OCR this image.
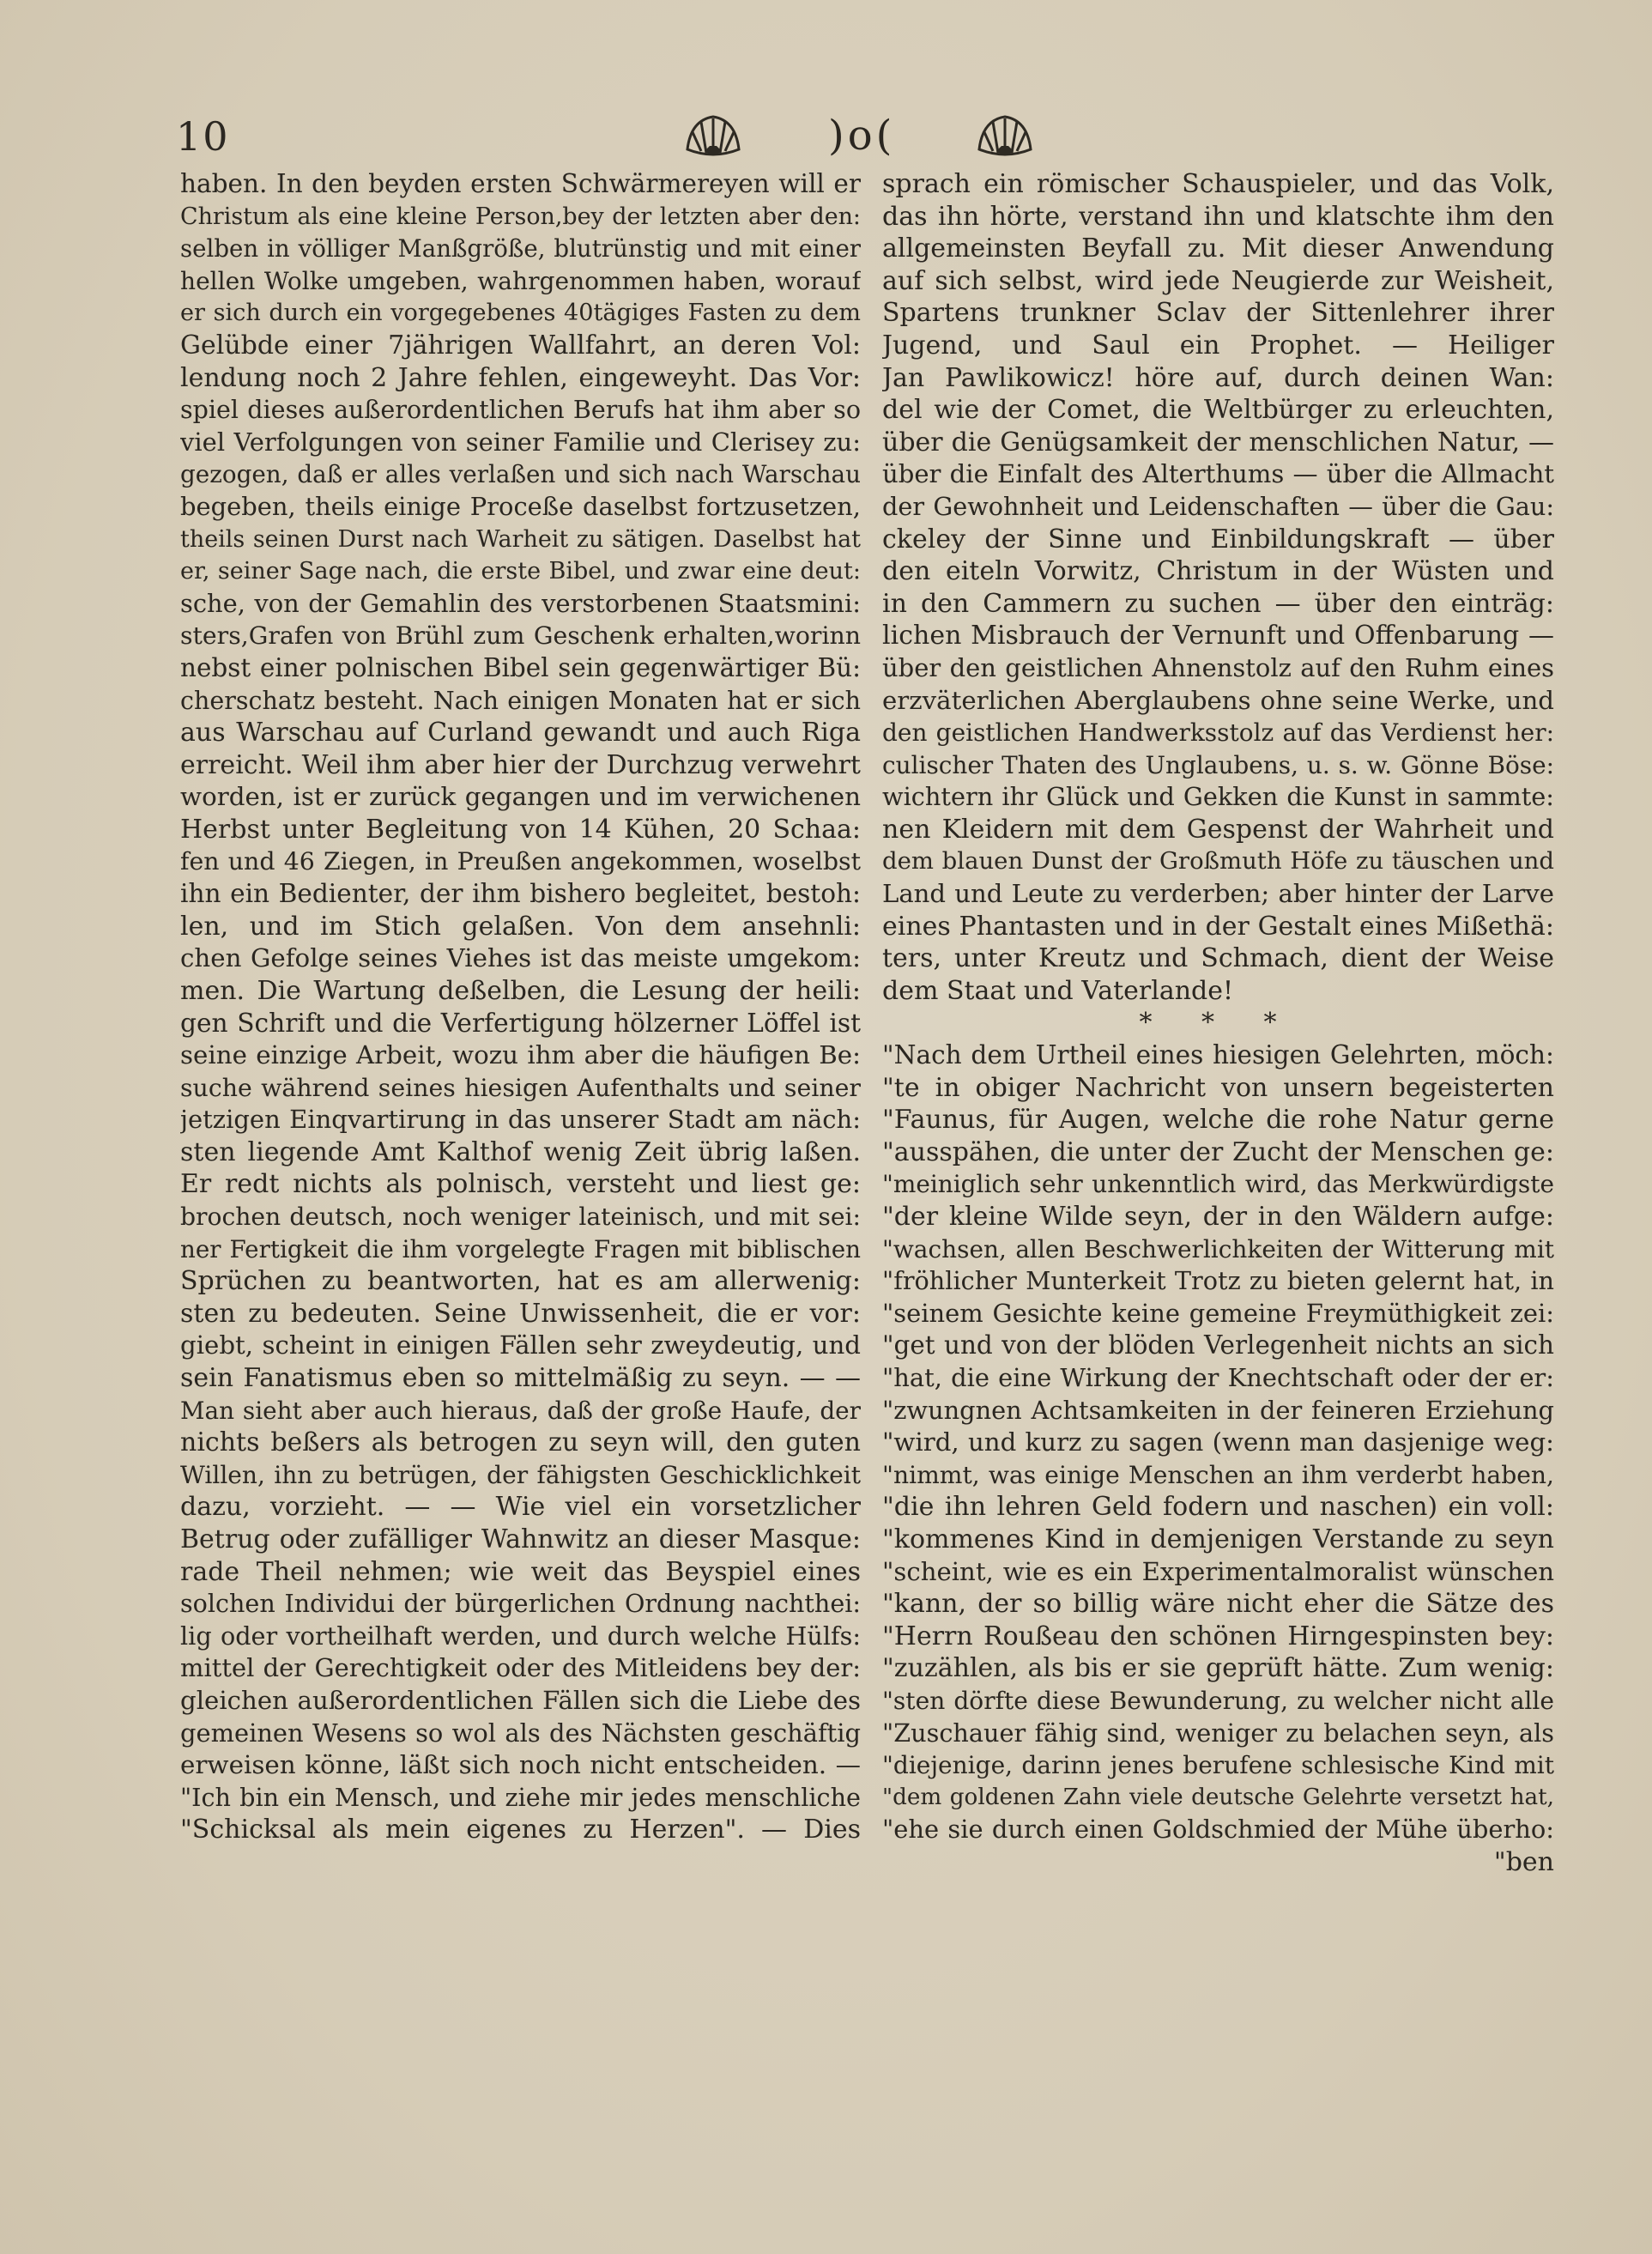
10	)o(
haben. In den beyden ersten Schwärmereyen will er
Christum als eine kleine Person,bey der letzten aber den:
selben in völliger Manßgröße, blutrünstig und mit einer
hellen Wolke umgeben, wahrgenommen haben, worauf
er sich durch ein vorgegebenes 40tägiges Fasten zu dem
Gelübde einer 7jährigen Wallfahrt, an deren Vol:
lendung noch 2 Jahre fehlen, eingeweyht. Das Vor:
spiel dieses außerordentlichen Berufs hat ihm aber so
viel Verfolgungen von seiner Familie und Clerisey zu:
gezogen, daß er alles verlaßen und sich nach Warschau
begeben, theils einige Proceße daselbst fortzusetzen,
theils seinen Durst nach Warheit zu sätigen. Daselbst hat
er, seiner Sage nach, die erste Bibel, und zwar eine deut:
sche, von der Gemahlin des verstorbenen Staatsmini:
sters,Grafen von Brühl zum Geschenk erhalten,worinn
nebst einer polnischen Bibel sein gegenwärtiger Bü:
cherschatz besteht. Nach einigen Monaten hat er sich
aus Warschau auf Curland gewandt und auch Riga
erreicht. Weil ihm aber hier der Durchzug verwehrt
worden, ist er zurück gegangen und im verwichenen
Herbst unter Begleitung von 14 Kühen, 20 Schaa:
fen und 46 Ziegen, in Preußen angekommen, woselbst
ihn ein Bedienter, der ihm bishero begleitet, bestoh:
len, und im Stich gelaßen. Von dem ansehnli:
chen Gefolge seines Viehes ist das meiste umgekom:
men. Die Wartung deßelben, die Lesung der heili:
gen Schrift und die Verfertigung hölzerner Löffel ist
seine einzige Arbeit, wozu ihm aber die häufigen Be:
suche während seines hiesigen Aufenthalts und seiner
jetzigen Einqvartirung in das unserer Stadt am näch:
sten liegende Amt Kalthof wenig Zeit übrig laßen.
Er redt nichts als polnisch, versteht und liest ge:
brochen deutsch, noch weniger lateinisch, und mit sei:
ner Fertigkeit die ihm vorgelegte Fragen mit biblischen
Sprüchen zu beantworten, hat es am allerwenig:
sten zu bedeuten. Seine Unwissenheit, die er vor:
giebt, scheint in einigen Fällen sehr zweydeutig, und
sein Fanatismus eben so mittelmäßig zu seyn. — —
Man sieht aber auch hieraus, daß der große Haufe, der
nichts beßers als betrogen zu seyn will, den guten
Willen, ihn zu betrügen, der fähigsten Geschicklichkeit
dazu, vorzieht. — — Wie viel ein vorsetzlicher
Betrug oder zufälliger Wahnwitz an dieser Masque:
rade Theil nehmen; wie weit das Beyspiel eines
solchen Individui der bürgerlichen Ordnung nachthei:
lig oder vortheilhaft werden, und durch welche Hülfs:
mittel der Gerechtigkeit oder des Mitleidens bey der:
gleichen außerordentlichen Fällen sich die Liebe des
gemeinen Wesens so wol als des Nächsten geschäftig
erweisen könne, läßt sich noch nicht entscheiden. —
"Ich bin ein Mensch, und ziehe mir jedes menschliche
"Schicksal als mein eigenes zu Herzen". — Dies
sprach ein römischer Schauspieler, und das Volk,
das ihn hörte, verstand ihn und klatschte ihm den
allgemeinsten Beyfall zu. Mit dieser Anwendung
auf sich selbst, wird jede Neugierde zur Weisheit,
Spartens trunkner Sclav der Sittenlehrer ihrer
Jugend, und Saul ein Prophet. — Heiliger
Jan Pawlikowicz! höre auf, durch deinen Wan:
del wie der Comet, die Weltbürger zu erleuchten,
über die Genügsamkeit der menschlichen Natur, —
über die Einfalt des Alterthums — über die Allmacht
der Gewohnheit und Leidenschaften — über die Gau:
ckeley der Sinne und Einbildungskraft — über
den eiteln Vorwitz, Christum in der Wüsten und
in den Cammern zu suchen — über den einträg:
lichen Misbrauch der Vernunft und Offenbarung —
über den geistlichen Ahnenstolz auf den Ruhm eines
erzväterlichen Aberglaubens ohne seine Werke, und
den geistlichen Handwerksstolz auf das Verdienst her:
culischer Thaten des Unglaubens, u. s. w. Gönne Böse:
wichtern ihr Glück und Gekken die Kunst in sammte:
nen Kleidern mit dem Gespenst der Wahrheit und
dem blauen Dunst der Großmuth Höfe zu täuschen und
Land und Leute zu verderben; aber hinter der Larve
eines Phantasten und in der Gestalt eines Mißethä:
ters, unter Kreutz und Schmach, dient der Weise
dem Staat und Vaterlande!
* * *
"Nach dem Urtheil eines hiesigen Gelehrten, möch:
"te in obiger Nachricht von unsern begeisterten
"Faunus, für Augen, welche die rohe Natur gerne
"ausspähen, die unter der Zucht der Menschen ge:
"meiniglich sehr unkenntlich wird, das Merkwürdigste
"der kleine Wilde seyn, der in den Wäldern aufge:
"wachsen, allen Beschwerlichkeiten der Witterung mit
"fröhlicher Munterkeit Trotz zu bieten gelernt hat, in
"seinem Gesichte keine gemeine Freymüthigkeit zei:
"get und von der blöden Verlegenheit nichts an sich
"hat, die eine Wirkung der Knechtschaft oder der er:
"zwungnen Achtsamkeiten in der feineren Erziehung
"wird, und kurz zu sagen (wenn man dasjenige weg:
"nimmt, was einige Menschen an ihm verderbt haben,
"die ihn lehren Geld fodern und naschen) ein voll:
"kommenes Kind in demjenigen Verstande zu seyn
"scheint, wie es ein Experimentalmoralist wünschen
"kann, der so billig wäre nicht eher die Sätze des
"Herrn Roußeau den schönen Hirngespinsten bey:
"zuzählen, als bis er sie geprüft hätte. Zum wenig:
"sten dörfte diese Bewunderung, zu welcher nicht alle
"Zuschauer fähig sind, weniger zu belachen seyn, als
"diejenige, darinn jenes berufene schlesische Kind mit
"dem goldenen Zahn viele deutsche Gelehrte versetzt hat,
"ehe sie durch einen Goldschmied der Mühe überho:
"ben
